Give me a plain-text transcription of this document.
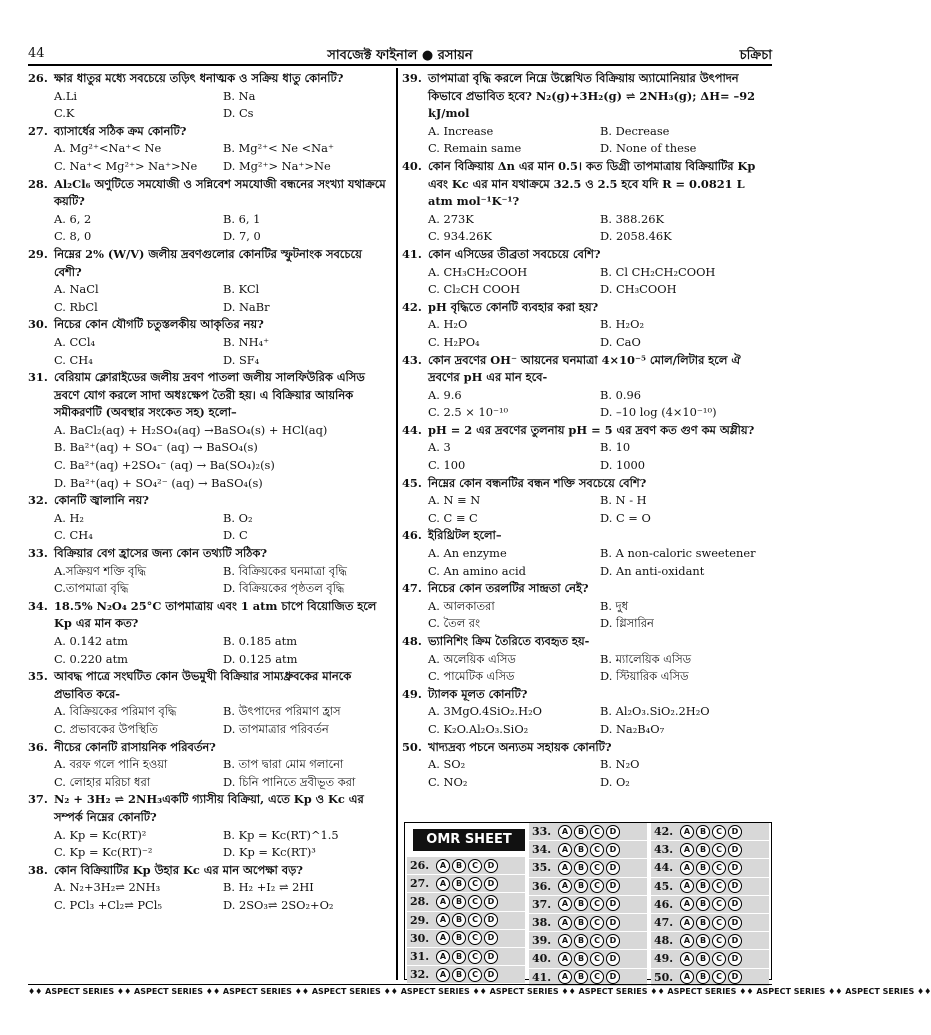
44	সাবজেক্ট ফাইনাল ● রসায়ন	চক্রিচা
26. ক্ষার ধাতুর মধ্যে সবচেয়ে তড়িৎ ধনাত্মক ও সক্রিয় ধাতু কোনটি?
A.Li	B. Na
C.K	D. Cs
27. ব্যাসার্ধের সঠিক ক্রম কোনটি?
A. Mg²⁺<Na⁺< Ne	B. Mg²⁺< Ne <Na⁺
C. Na⁺< Mg²⁺> Na⁺>Ne	D. Mg²⁺> Na⁺>Ne
28. Al₂Cl₆ অণুটিতে সমযোজী ও সন্নিবেশ সমযোজী বন্ধনের সংখ্যা যথাক্রমে কয়টি?
A. 6, 2	B. 6, 1
C. 8, 0	D. 7, 0
29. নিম্নের 2% (W/V) জলীয় দ্রবণগুলোর কোনটির স্ফুটনাংক সবচেয়ে বেশী?
A. NaCl	B. KCl
C. RbCl	D. NaBr
30. নিচের কোন যৌগটি চতুস্তলকীয় আকৃতির নয়?
A. CCl₄	B. NH₄⁺
C. CH₄	D. SF₄
31. বেরিয়াম ক্লোরাইডের জলীয় দ্রবণ পাতলা জলীয় সালফিউরিক এসিড দ্রবণে যোগ করলে সাদা অধঃক্ষেপ তৈরী হয়। এ বিক্রিয়ার আয়নিক সমীকরণটি (অবস্থার সংকেত সহ) হলো–
A. BaCl₂(aq) + H₂SO₄(aq) →BaSO₄(s) + HCl(aq)
B. Ba²⁺(aq) + SO₄⁻ (aq) → BaSO₄(s)
C. Ba²⁺(aq) +2SO₄⁻ (aq) → Ba(SO₄)₂(s)
D. Ba²⁺(aq) + SO₄²⁻ (aq) → BaSO₄(s)
32. কোনটি জ্বালানি নয়?
A. H₂	B. O₂
C. CH₄	D. C
33. বিক্রিয়ার বেগ হ্রাসের জন্য কোন তথ্যটি সঠিক?
A.সক্রিয়ণ শক্তি বৃদ্ধি	B. বিক্রিয়কের ঘনমাত্রা বৃদ্ধি
C.তাপমাত্রা বৃদ্ধি	D. বিক্রিয়কের পৃষ্ঠতল বৃদ্ধি
34. 18.5% N₂O₄ 25°C তাপমাত্রায় এবং 1 atm চাপে বিয়োজিত হলে Kp এর মান কত?
A. 0.142 atm	B. 0.185 atm
C. 0.220 atm	D. 0.125 atm
35. আবদ্ধ পাত্রে সংঘটিত কোন উভমুখী বিক্রিয়ার সাম্যধ্রুবকের মানকে প্রভাবিত করে-
A. বিক্রিয়কের পরিমাণ বৃদ্ধি	B. উৎপাদের পরিমাণ হ্রাস
C. প্রভাবকের উপস্থিতি	D. তাপমাত্রার পরিবর্তন
36. নীচের কোনটি রাসায়নিক পরিবর্তন?
A. বরফ গলে পানি হওয়া	B. তাপ দ্বারা মোম গলানো
C. লোহার মরিচা ধরা	D. চিনি পানিতে দ্রবীভূত করা
37. N₂ + 3H₂ ⇌ 2NH₃একটি গ্যাসীয় বিক্রিয়া, এতে Kp ও Kc এর সম্পর্ক নিম্নের কোনটি?
A. Kp = Kc(RT)²	B. Kp = Kc(RT)^1.5
C. Kp = Kc(RT)⁻²	D. Kp = Kc(RT)³
38. কোন বিক্রিয়াটির Kp উহার Kc এর মান অপেক্ষা বড়?
A. N₂+3H₂⇌ 2NH₃	B. H₂ +I₂ ⇌ 2HI
C. PCl₃ +Cl₂⇌ PCl₅	D. 2SO₃⇌ 2SO₂+O₂
39. তাপমাত্রা বৃদ্ধি করলে নিম্নে উল্লেখিত বিক্রিয়ায় অ্যামোনিয়ার উৎপাদন কিভাবে প্রভাবিত হবে? N₂(g)+3H₂(g) ⇌ 2NH₃(g); ΔH= –92 kJ/mol
A. Increase	B. Decrease
C. Remain same	D. None of these
40. কোন বিক্রিয়ায় Δn এর মান 0.5। কত ডিগ্রী তাপমাত্রায় বিক্রিয়াটির Kp এবং Kc এর মান যথাক্রমে 32.5 ও 2.5 হবে যদি R = 0.0821 L atm mol⁻¹K⁻¹?
A. 273K	B. 388.26K
C. 934.26K	D. 2058.46K
41. কোন এসিডের তীব্রতা সবচেয়ে বেশি?
A. CH₃CH₂COOH	B. Cl CH₂CH₂COOH
C. Cl₂CH COOH	D. CH₃COOH
42. pH বৃদ্ধিতে কোনটি ব্যবহার করা হয়?
A. H₂O	B. H₂O₂
C. H₂PO₄	D. CaO
43. কোন দ্রবণের OH⁻ আয়নের ঘনমাত্রা 4×10⁻⁵ মোল/লিটার হলে ঐ দ্রবণের pH এর মান হবে-
A. 9.6	B. 0.96
C. 2.5 × 10⁻¹⁰	D. –10 log (4×10⁻¹⁰)
44. pH = 2 এর দ্রবণের তুলনায় pH = 5 এর দ্রবণ কত গুণ কম অম্লীয়?
A. 3	B. 10
C. 100	D. 1000
45. নিম্নের কোন বন্ধনটির বন্ধন শক্তি সবচেয়ে বেশি?
A. N ≡ N	B. N - H
C. C ≡ C	D. C = O
46. ইরিথ্রিটল হলো–
A. An enzyme	B. A non-caloric sweetener
C. An amino acid	D. An anti-oxidant
47. নিচের কোন তরলটির সান্দ্রতা নেই?
A. আলকাতরা	B. দুধ
C. তৈল রং	D. গ্লিসারিন
48. ভ্যানিশিং ক্রিম তৈরিতে ব্যবহৃত হয়-
A. অলেয়িক এসিড	B. ম্যালেয়িক এসিড
C. পামেটিক এসিড	D. স্টিয়ারিক এসিড
49. ট্যালক মূলত কোনটি?
A. 3MgO.4SiO₂.H₂O	B. Al₂O₃.SiO₂.2H₂O
C. K₂O.Al₂O₃.SiO₂	D. Na₂B₄O₇
50. খাদ্যদ্রব্য পচনে অন্যতম সহায়ক কোনটি?
A. SO₂	B. N₂O
C. NO₂	D. O₂
OMR SHEET
26.	A	B	C	D
27.	A	B	C	D
28.	A	B	C	D
29.	A	B	C	D
30.	A	B	C	D
31.	A	B	C	D
32.	A	B	C	D
33.	A	B	C	D
34.	A	B	C	D
35.	A	B	C	D
36.	A	B	C	D
37.	A	B	C	D
38.	A	B	C	D
39.	A	B	C	D
40.	A	B	C	D
41.	A	B	C	D
42.	A	B	C	D
43.	A	B	C	D
44.	A	B	C	D
45.	A	B	C	D
46.	A	B	C	D
47.	A	B	C	D
48.	A	B	C	D
49.	A	B	C	D
50.	A	B	C	D
♦♦ ASPECT SERIES ♦♦ ASPECT SERIES ♦♦ ASPECT SERIES ♦♦ ASPECT SERIES ♦♦ ASPECT SERIES ♦♦ ASPECT SERIES ♦♦ ASPECT SERIES ♦♦ ASPECT SERIES ♦♦ ASPECT SERIES ♦♦ ASPECT SERIES ♦♦
